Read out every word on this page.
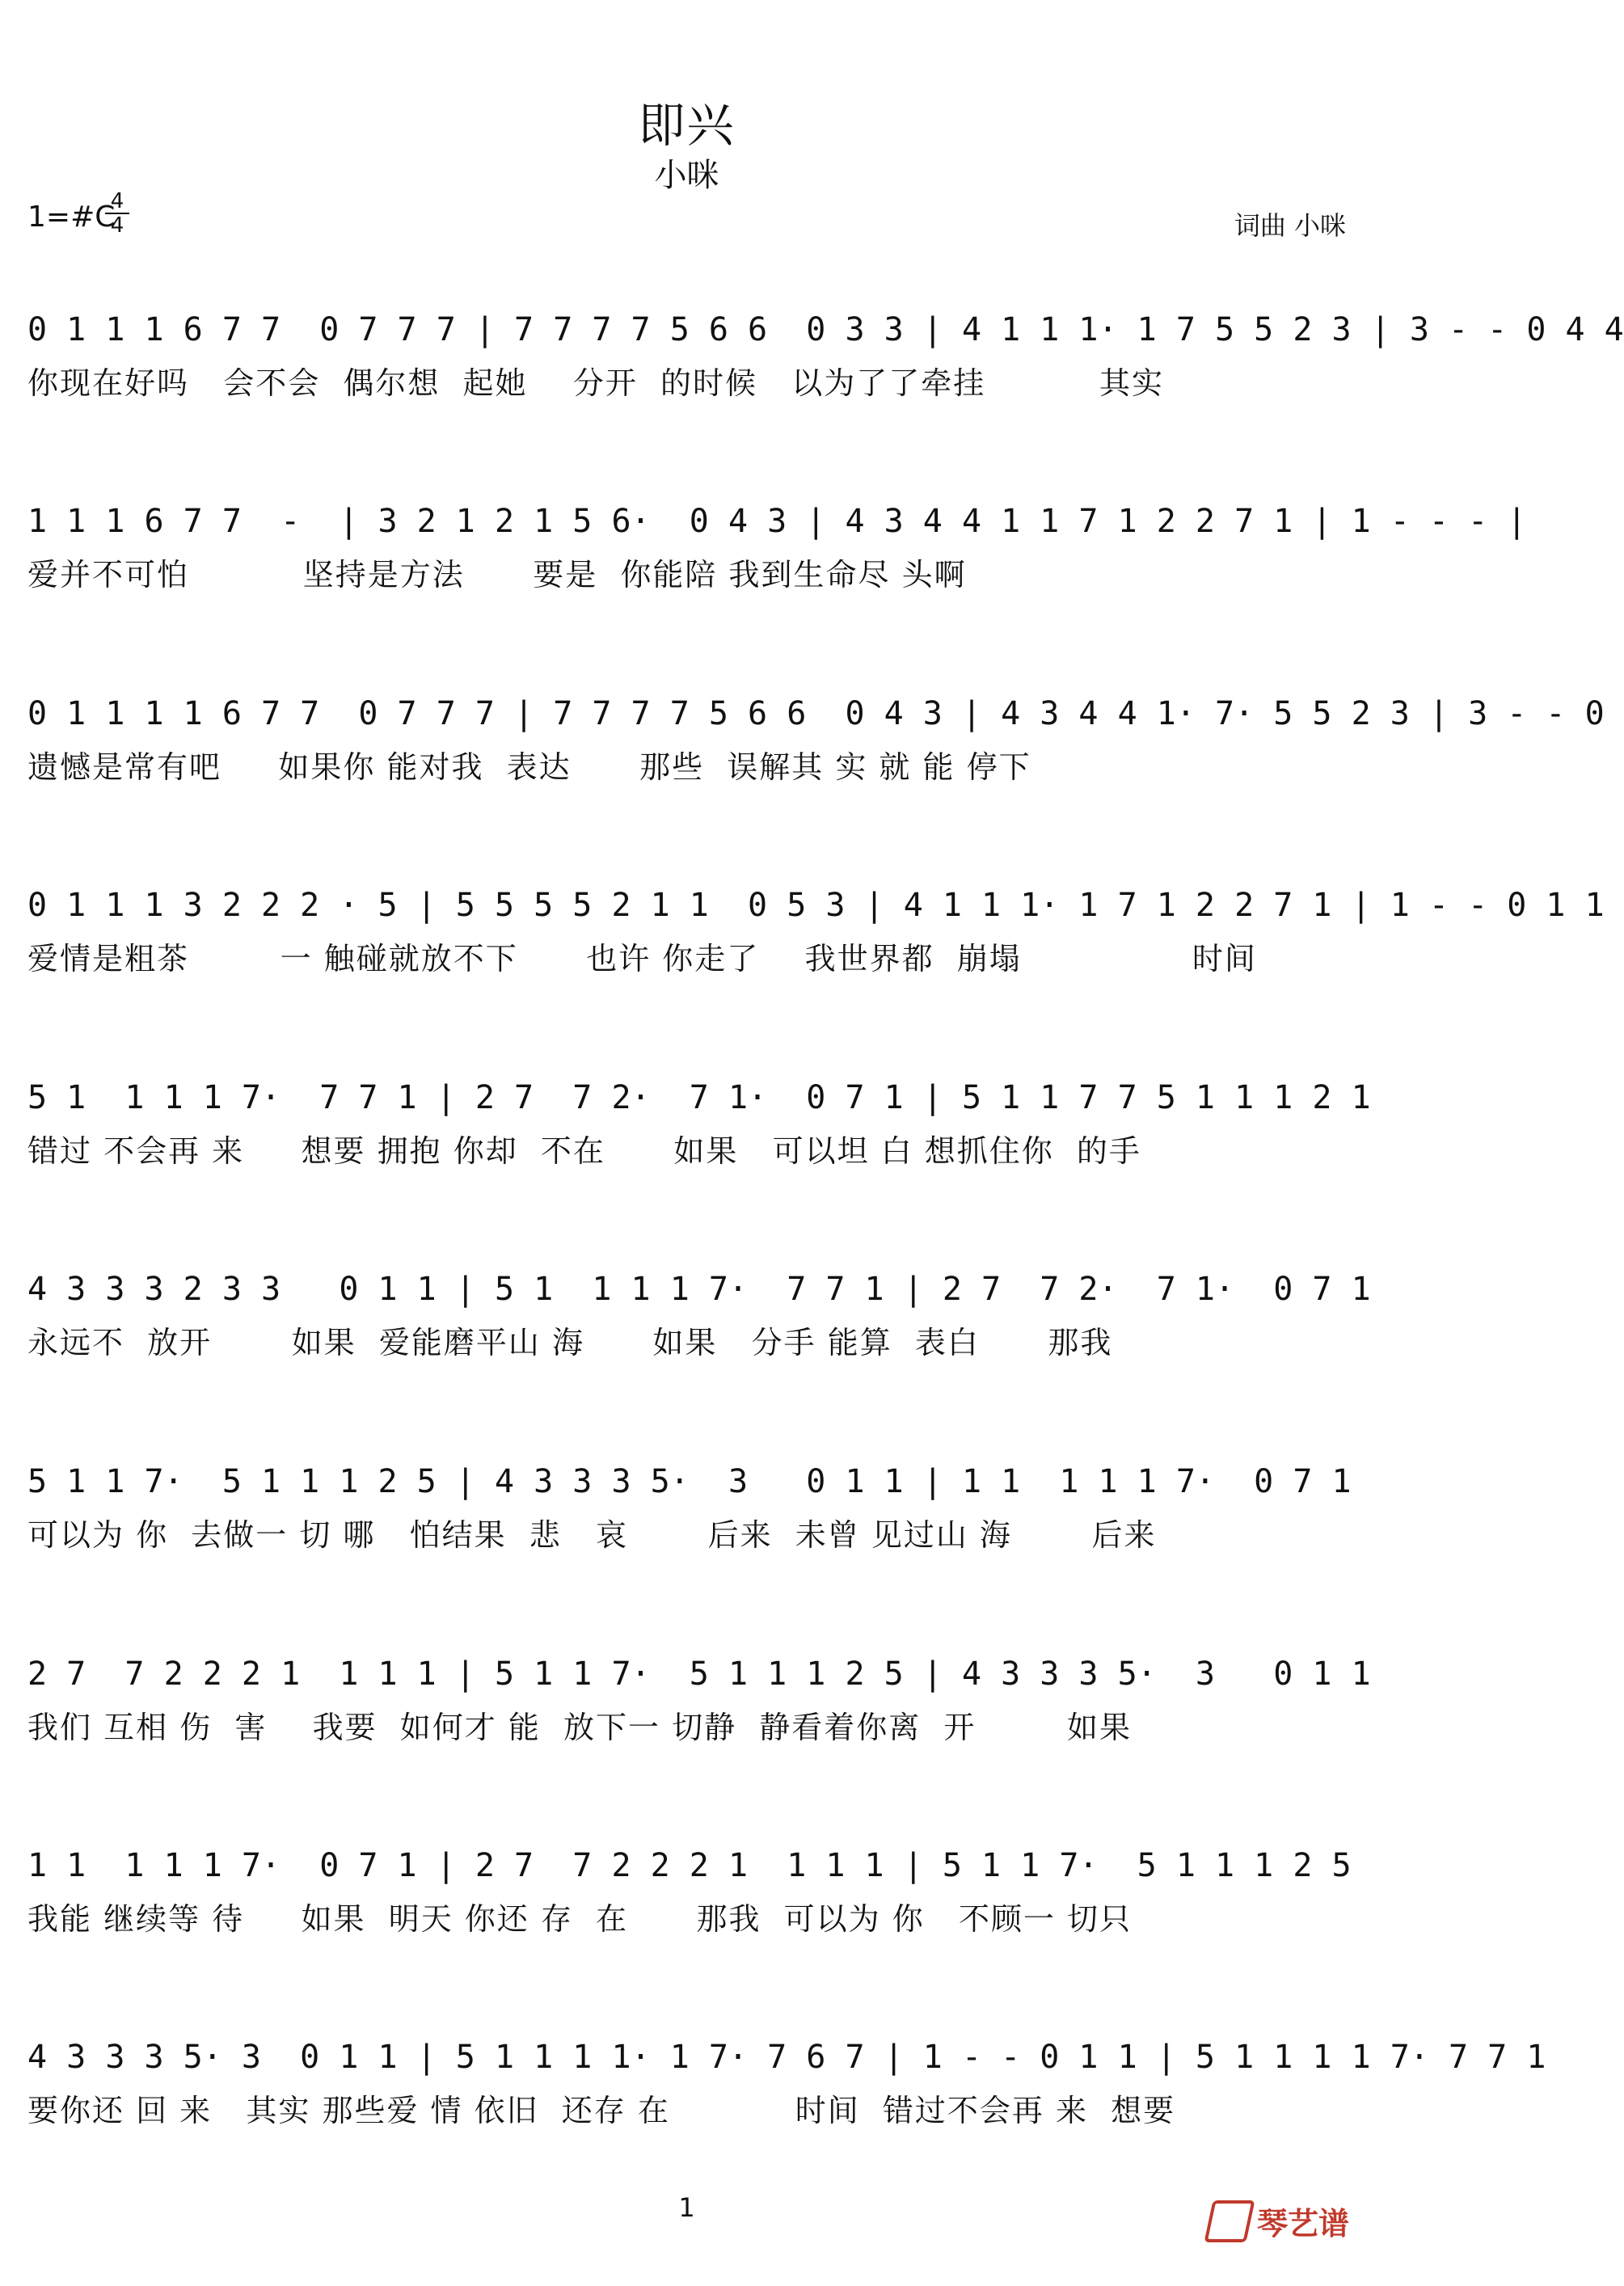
即兴
小咪
1=#C
4
4	词曲 小咪
0 1 1 1 6 7 7  0 7 7 7 | 7 7 7 7 5 6 6  0 3 3 | 4 1 1 1· 1 7 5 5 2 3 | 3 - - 0 4 4
你现在好吗   会不会  偶尔想  起她    分开  的时候   以为了了牵挂          其实
1 1 1 6 7 7  -  | 3 2 1 2 1 5 6·  0 4 3 | 4 3 4 4 1 1 7 1 2 2 7 1 | 1 - - - |
爱并不可怕          坚持是方法      要是  你能陪 我到生命尽 头啊
0 1 1 1 1 6 7 7  0 7 7 7 | 7 7 7 7 5 6 6  0 4 3 | 4 3 4 4 1· 7· 5 5 2 3 | 3 - - 0
遗憾是常有吧     如果你 能对我  表达      那些  误解其 实 就 能 停下
0 1 1 1 3 2 2 2 · 5 | 5 5 5 5 2 1 1  0 5 3 | 4 1 1 1· 1 7 1 2 2 7 1 | 1 - - 0 1 1
爱情是粗茶        一 触碰就放不下      也许 你走了    我世界都  崩塌               时间
5 1  1 1 1 7·  7 7 1 | 2 7  7 2·  7 1·  0 7 1 | 5 1 1 7 7 5 1 1 1 2 1
错过 不会再 来     想要 拥抱 你却  不在      如果   可以坦 白 想抓住你  的手
4 3 3 3 2 3 3   0 1 1 | 5 1  1 1 1 7·  7 7 1 | 2 7  7 2·  7 1·  0 7 1
永远不  放开       如果  爱能磨平山 海      如果   分手 能算  表白      那我
5 1 1 7·  5 1 1 1 2 5 | 4 3 3 3 5·  3   0 1 1 | 1 1  1 1 1 7·  0 7 1
可以为 你  去做一 切 哪   怕结果  悲   哀       后来  未曾 见过山 海       后来
2 7  7 2 2 2 1  1 1 1 | 5 1 1 7·  5 1 1 1 2 5 | 4 3 3 3 5·  3   0 1 1
我们 互相 伤  害    我要  如何才 能  放下一 切静  静看着你离  开        如果
1 1  1 1 1 7·  0 7 1 | 2 7  7 2 2 2 1  1 1 1 | 5 1 1 7·  5 1 1 1 2 5
我能 继续等 待     如果  明天 你还 存  在      那我  可以为 你   不顾一 切只
4 3 3 3 5· 3  0 1 1 | 5 1 1 1 1· 1 7· 7 6 7 | 1 - - 0 1 1 | 5 1 1 1 1 7· 7 7 1
要你还 回 来   其实 那些爱 情 依旧  还存 在           时间  错过不会再 来  想要
1	琴艺谱
